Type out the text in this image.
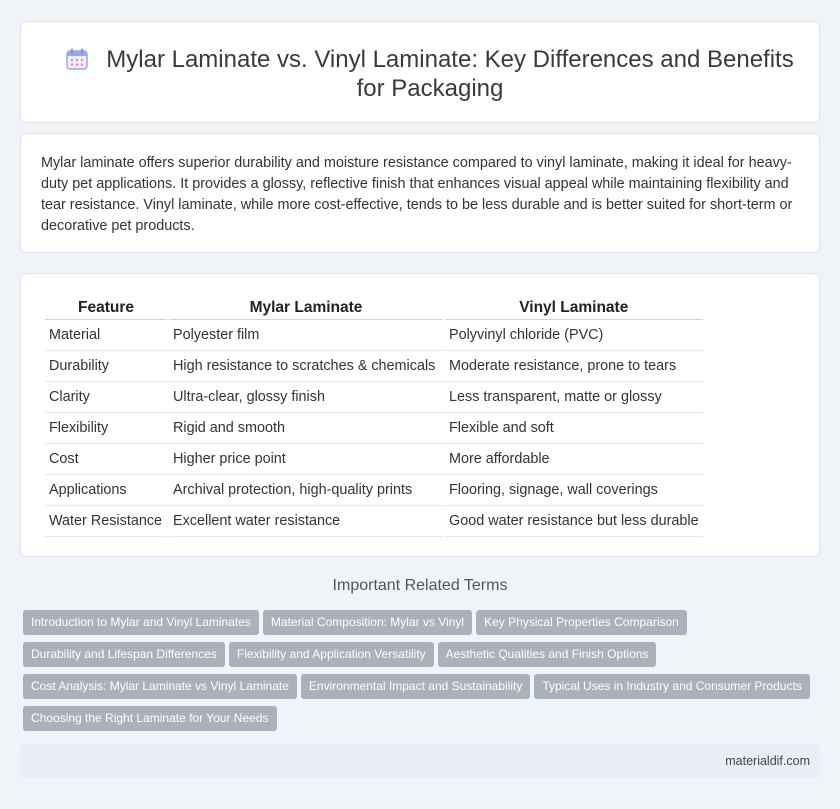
Mylar Laminate vs. Vinyl Laminate: Key Differences and Benefits for Packaging

Mylar laminate offers superior durability and moisture resistance compared to vinyl laminate, making it ideal for heavy-duty pet applications. It provides a glossy, reflective finish that enhances visual appeal while maintaining flexibility and tear resistance. Vinyl laminate, while more cost-effective, tends to be less durable and is better suited for short-term or decorative pet products.

Feature	Mylar Laminate	Vinyl Laminate
Material	Polyester film	Polyvinyl chloride (PVC)
Durability	High resistance to scratches & chemicals	Moderate resistance, prone to tears
Clarity	Ultra-clear, glossy finish	Less transparent, matte or glossy
Flexibility	Rigid and smooth	Flexible and soft
Cost	Higher price point	More affordable
Applications	Archival protection, high-quality prints	Flooring, signage, wall coverings
Water Resistance	Excellent water resistance	Good water resistance but less durable
Important Related Terms
Introduction to Mylar and Vinyl Laminates Material Composition: Mylar vs Vinyl Key Physical Properties Comparison
Durability and Lifespan Differences Flexibility and Application Versatility Aesthetic Qualities and Finish Options
Cost Analysis: Mylar Laminate vs Vinyl Laminate Environmental Impact and Sustainability Typical Uses in Industry and Consumer Products
Choosing the Right Laminate for Your Needs
materialdif.com
